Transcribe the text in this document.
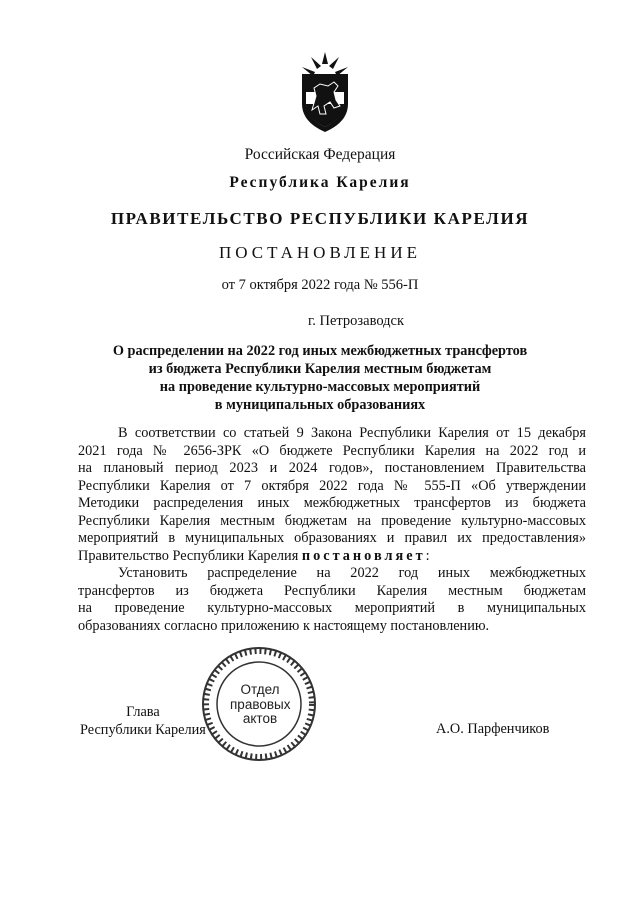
Российская Федерация
Республика Карелия
ПРАВИТЕЛЬСТВО РЕСПУБЛИКИ КАРЕЛИЯ
ПОСТАНОВЛЕНИЕ
от 7 октября 2022 года № 556-П
г. Петрозаводск
О распределении на 2022 год иных межбюджетных трансфертов
из бюджета Республики Карелия местным бюджетам
на проведение культурно-массовых мероприятий
в муниципальных образованиях

В соответствии со статьей 9 Закона Республики Карелия от 15 декабря
2021 года № 2656-ЗРК «О бюджете Республики Карелия на 2022 год и
на плановый период 2023 и 2024 годов», постановлением Правительства
Республики Карелия от 7 октября 2022 года № 555-П «Об утверждении
Методики распределения иных межбюджетных трансфертов из бюджета
Республики Карелия местным бюджетам на проведение культурно-массовых
мероприятий в муниципальных образованиях и правил их предоставления»
Правительство Республики Карелия постановляет:

Установить распределение на 2022 год иных межбюджетных
трансфертов из бюджета Республики Карелия местным бюджетам
на проведение культурно-массовых мероприятий в муниципальных
образованиях согласно приложению к настоящему постановлению.

Отдел
правовых
актов
Глава
Республики Карелия	А.О. Парфенчиков
